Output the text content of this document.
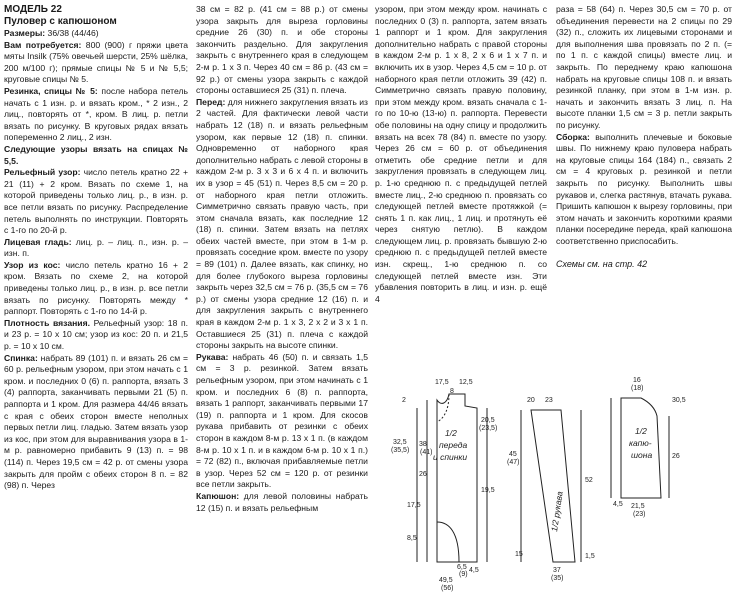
МОДЕЛЬ 22

Пуловер с капюшоном

Размеры: 36/38 (44/46)

Вам потребуется: 800 (900) г пряжи цвета мяты Insilk (75% овечьей шерсти, 25% шёлка, 200 м/100 г); прямые спицы № 5 и № 5,5; круговые спицы № 5.

Резинка, спицы № 5: после набора петель начать с 1 изн. р. и вязать кром., * 2 изн., 2 лиц., повторять от *, кром. В лиц. р. петли вязать по рисунку. В круговых рядах вязать попеременно 2 лиц., 2 изн.

Следующие узоры вязать на спицах № 5,5.

Рельефный узор: число петель кратно 22 + 21 (11) + 2 кром. Вязать по схеме 1, на которой приведены только лиц. р., в изн. р. все петли вязать по рисунку. Распределение петель выполнять по инструкции. Повторять с 1-го по 20-й р.

Лицевая гладь: лиц. р. – лиц. п., изн. р. – изн. п.

Узор из кос: число петель кратно 16 + 2 кром. Вязать по схеме 2, на которой приведены только лиц. р., в изн. р. все петли вязать по рисунку. Повторять между * раппорт. Повторять с 1-го по 14-й р.

Плотность вязания. Рельефный узор: 18 п. и 23 р. = 10 х 10 см; узор из кос: 20 п. и 21,5 р. = 10 х 10 см.

Спинка: набрать 89 (101) п. и вязать 26 см = 60 р. рельефным узором, при этом начать с 1 кром. и последних 0 (6) п. раппорта, вязать 3 (4) раппорта, заканчивать первыми 21 (5) п. раппорта и 1 кром. Для размера 44/46 вязать с края с обеих сторон вместе неполных первых петли лиц. гладью. Затем вязать узор из кос, при этом для выравнивания узора в 1-м р. равномерно прибавить 9 (13) п. = 98 (114) п. Через 19,5 см = 42 р. от смены узора закрыть для пройм с обеих сторон 8 п. = 82 (98) п. Через

38 см = 82 р. (41 см = 88 р.) от смены узора закрыть для выреза горловины средние 26 (30) п. и обе стороны закончить раздельно. Для закругления закрыть с внутреннего края в следующем 2-м р. 1 х 3 п. Через 40 см = 86 р. (43 см = 92 р.) от смены узора закрыть с каждой стороны оставшиеся 25 (31) п. плеча.

Перед: для нижнего закругления вязать из 2 частей. Для фактически левой части набрать 12 (18) п. и вязать рельефным узором, как первые 12 (18) п. спинки. Одновременно от наборного края дополнительно набрать с левой стороны в каждом 2-м р. 3 х 3 и 6 х 4 п. и включить их в узор = 45 (51) п. Через 8,5 см = 20 р. от наборного края петли отложить. Симметрично связать правую часть, при этом сначала вязать, как последние 12 (18) п. спинки. Затем вязать на петлях обеих частей вместе, при этом в 1-м р. провязать соседние кром. вместе по узору = 89 (101) п. Далее вязать, как спинку, но для более глубокого выреза горловины закрыть через 32,5 см = 76 р. (35,5 см = 76 р.) от смены узора средние 12 (16) п. и для закругления закрыть с внутреннего края в каждом 2-м р. 1 х 3, 2 х 2 и 3 х 1 п. Оставшиеся 25 (31) п. плеча с каждой стороны закрыть на высоте спинки.

Рукава: набрать 46 (50) п. и связать 1,5 см = 3 р. резинкой. Затем вязать рельефным узором, при этом начинать с 1 кром. и последних 6 (8) п. раппорта, вязать 1 раппорт, заканчивать первыми 17 (19) п. раппорта и 1 кром. Для скосов рукава прибавить от резинки с обеих сторон в каждом 8-м р. 13 х 1 п. (в каждом 8-м р. 10 х 1 п. и в каждом 6-м р. 10 х 1 п.) = 72 (82) п., включая прибавляемые петли в узор. Через 52 см = 120 р. от резинки все петли закрыть.

Капюшон: для левой половины набрать 12 (15) п. и вязать рельефным

узором, при этом между кром. начинать с последних 0 (3) п. раппорта, затем вязать 1 раппорт и 1 кром. Для закругления дополнительно набрать с правой стороны в каждом 2-м р. 1 х 8, 2 х 6 и 1 х 7 п. и включить их в узор. Через 4,5 см = 10 р. от наборного края петли отложить 39 (42) п. Симметрично связать правую половину, при этом между кром. вязать сначала с 1-го по 10-ю (13-ю) п. раппорта. Перевести обе половины на одну спицу и продолжить вязать на всех 78 (84) п. вместе по узору. Через 26 см = 60 р. от объединения отметить обе средние петли и для закругления провязать в следующем лиц. р. 1-ю среднюю п. с предыдущей петлей вместе лиц., 2-ю среднюю п. провязать со следующей петлей вместе протяжкой (= снять 1 п. как лиц., 1 лиц. и протянуть её через снятую петлю). В каждом следующем лиц. р. провязать бывшую 2-ю среднюю п. с предыдущей петлей вместе изн. скрещ., 1-ю среднюю п. со следующей петлей вместе изн. Эти убавления повторить в лиц. и изн. р. ещё 4

раза = 58 (64) п. Через 30,5 см = 70 р. от объединения перевести на 2 спицы по 29 (32) п., сложить их лицевыми сторонами и для выполнения шва провязать по 2 п. (= по 1 п. с каждой спицы) вместе лиц. и закрыть. По переднему краю капюшона набрать на круговые спицы 108 п. и вязать резинкой планку, при этом в 1-м изн. р. начать и закончить вязать 3 лиц. п. На высоте планки 1,5 см = 3 р. петли закрыть по рисунку.

Сборка: выполнить плечевые и боковые швы. По нижнему краю пуловера набрать на круговые спицы 164 (184) п., связать 2 см = 4 круговых р. резинкой и петли закрыть по рисунку. Выполнить швы рукавов и, слегка растянув, втачать рукава. Пришить капюшон к вырезу горловины, при этом начать и закончить короткими краями планки посередине переда, край капюшона соответственно приспосабить.

Схемы см. на стр. 42

17,5 12,5
8
2
20,5
(23,5)
32,5
(35,5)
38
(41)
1/2
переда
и спинки
26
17,5
8,5
19,5
6,5
(9)
4,5
49,5
(56)
20 23
45
(47)
52
1/2 рукава
37
(35)
15	1,5
16
(18)
30,5
26
1/2
капю-
шона
4,5 21,5
(23)
